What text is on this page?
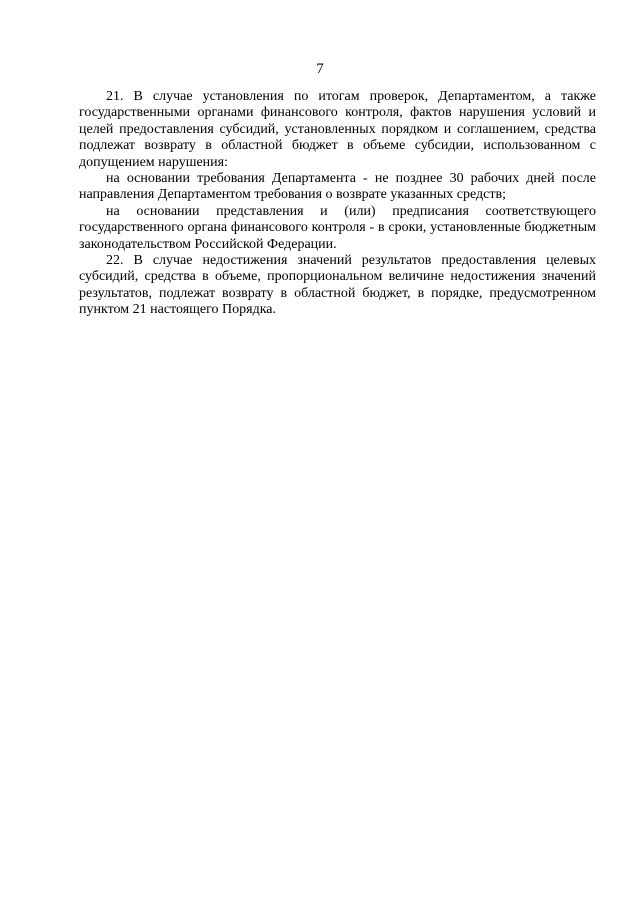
7

21. В случае установления по итогам проверок, Департаментом, а также государственными органами финансового контроля, фактов нарушения условий и целей предоставления субсидий, установленных порядком и соглашением, средства подлежат возврату в областной бюджет в объеме субсидии, использованном с допущением нарушения:

на основании требования Департамента - не позднее 30 рабочих дней после направления Департаментом требования о возврате указанных средств;

на основании представления и (или) предписания соответствующего государственного органа финансового контроля - в сроки, установленные бюджетным законодательством Российской Федерации.

22. В случае недостижения значений результатов предоставления целевых субсидий, средства в объеме, пропорциональном величине недостижения значений результатов, подлежат возврату в областной бюджет, в порядке, предусмотренном пунктом 21 настоящего Порядка.
